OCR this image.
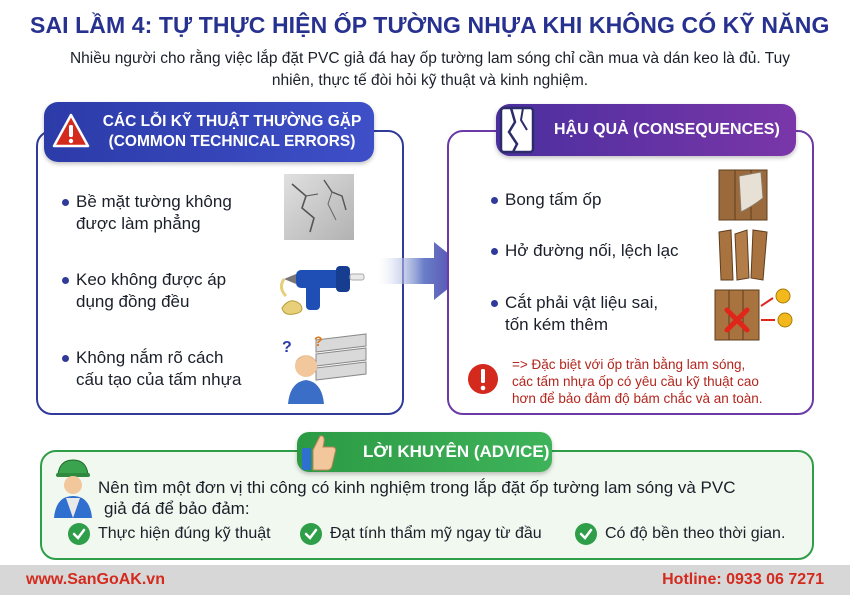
SAI LẦM 4: TỰ THỰC HIỆN ỐP TƯỜNG NHỰA KHI KHÔNG CÓ KỸ NĂNG
Nhiều người cho rằng việc lắp đặt PVC giả đá hay ốp tường lam sóng chỉ cần mua và dán keo là đủ. Tuy nhiên, thực tế đòi hỏi kỹ thuật và kinh nghiệm.
CÁC LỖI KỸ THUẬT THƯỜNG GẶP
(COMMON TECHNICAL ERRORS)
Bề mặt tường không
được làm phẳng
Keo không được áp
dụng đồng đều
Không nắm rõ cách
cấu tạo của tấm nhựa
? ?
HẬU QUẢ (CONSEQUENCES)
Bong tấm ốp
Hở đường nối, lệch lạc
Cắt phải vật liệu sai,
tốn kém thêm
=> Đặc biệt với ốp trần bằng lam sóng,
các tấm nhựa ốp có yêu cầu kỹ thuật cao
hơn để bảo đảm độ bám chắc và an toàn.
LỜI KHUYÊN (ADVICE)
Nên tìm một đơn vị thi công có kinh nghiệm trong lắp đặt ốp tường lam sóng và PVC
giả đá để bảo đảm:
Thực hiện đúng kỹ thuật	Đạt tính thẩm mỹ ngay từ đầu	Có độ bền theo thời gian.
www.SanGoAK.vn	Hotline: 0933 06 7271
